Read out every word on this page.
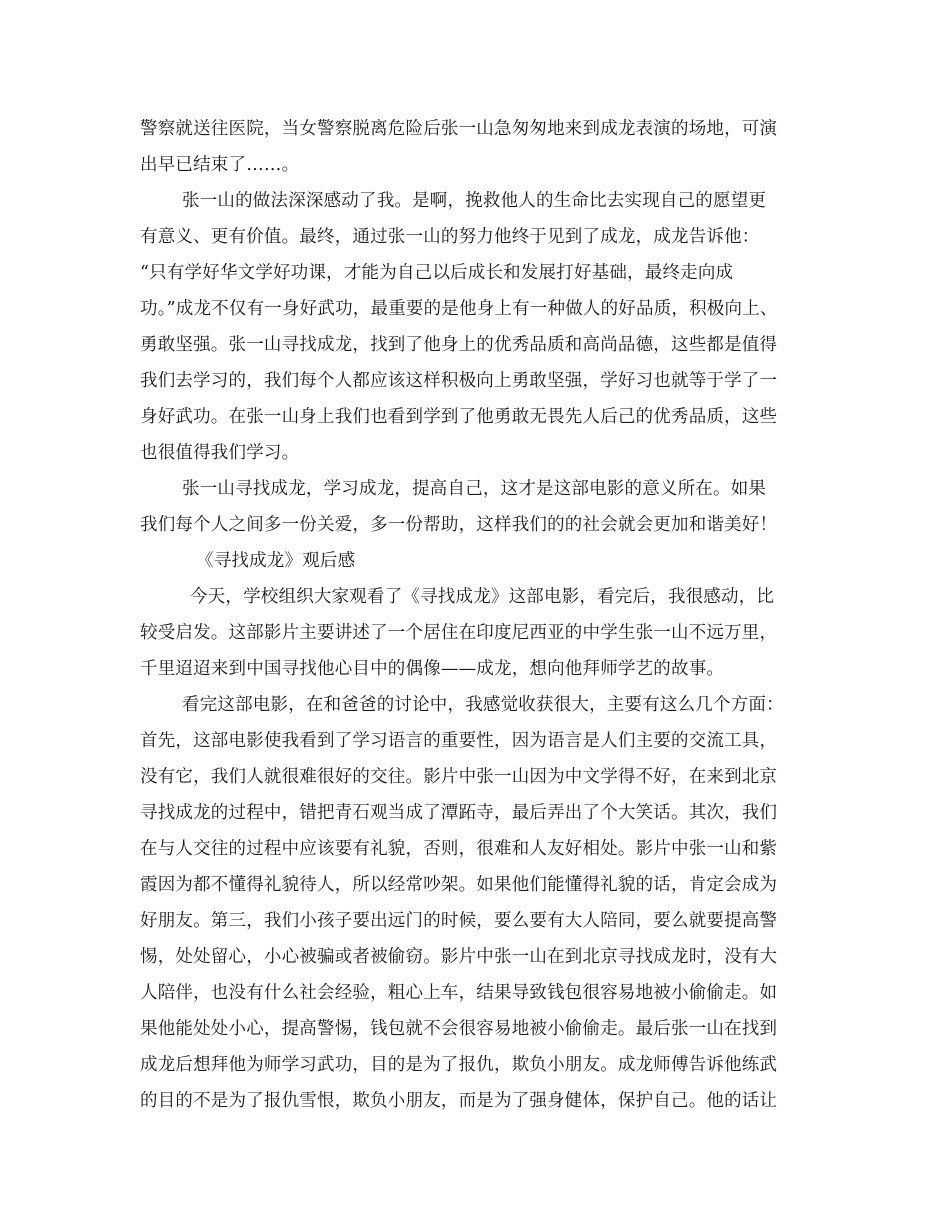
警察就送往医院，当女警察脱离危险后张一山急匆匆地来到成龙表演的场地，可演
出早已结束了……。
张一山的做法深深感动了我。是啊，挽救他人的生命比去实现自己的愿望更
有意义、更有价值。最终，通过张一山的努力他终于见到了成龙，成龙告诉他：
“只有学好华文学好功课，才能为自己以后成长和发展打好基础，最终走向成
功。”成龙不仅有一身好武功，最重要的是他身上有一种做人的好品质，积极向上、
勇敢坚强。张一山寻找成龙，找到了他身上的优秀品质和高尚品德，这些都是值得
我们去学习的，我们每个人都应该这样积极向上勇敢坚强，学好习也就等于学了一
身好武功。在张一山身上我们也看到学到了他勇敢无畏先人后己的优秀品质，这些
也很值得我们学习。
张一山寻找成龙，学习成龙，提高自己，这才是这部电影的意义所在。如果
我们每个人之间多一份关爱，多一份帮助，这样我们的的社会就会更加和谐美好！
《寻找成龙》观后感
今天，学校组织大家观看了《寻找成龙》这部电影，看完后，我很感动，比
较受启发。这部影片主要讲述了一个居住在印度尼西亚的中学生张一山不远万里，
千里迢迢来到中国寻找他心目中的偶像——成龙，想向他拜师学艺的故事。
看完这部电影，在和爸爸的讨论中，我感觉收获很大，主要有这么几个方面：
首先，这部电影使我看到了学习语言的重要性，因为语言是人们主要的交流工具，
没有它，我们人就很难很好的交往。影片中张一山因为中文学得不好，在来到北京
寻找成龙的过程中，错把青石观当成了潭跖寺，最后弄出了个大笑话。其次，我们
在与人交往的过程中应该要有礼貌，否则，很难和人友好相处。影片中张一山和紫
霞因为都不懂得礼貌待人，所以经常吵架。如果他们能懂得礼貌的话，肯定会成为
好朋友。第三，我们小孩子要出远门的时候，要么要有大人陪同，要么就要提高警
惕，处处留心，小心被骗或者被偷窃。影片中张一山在到北京寻找成龙时，没有大
人陪伴，也没有什么社会经验，粗心上车，结果导致钱包很容易地被小偷偷走。如
果他能处处小心，提高警惕，钱包就不会很容易地被小偷偷走。最后张一山在找到
成龙后想拜他为师学习武功，目的是为了报仇，欺负小朋友。成龙师傅告诉他练武
的目的不是为了报仇雪恨，欺负小朋友，而是为了强身健体，保护自己。他的话让
